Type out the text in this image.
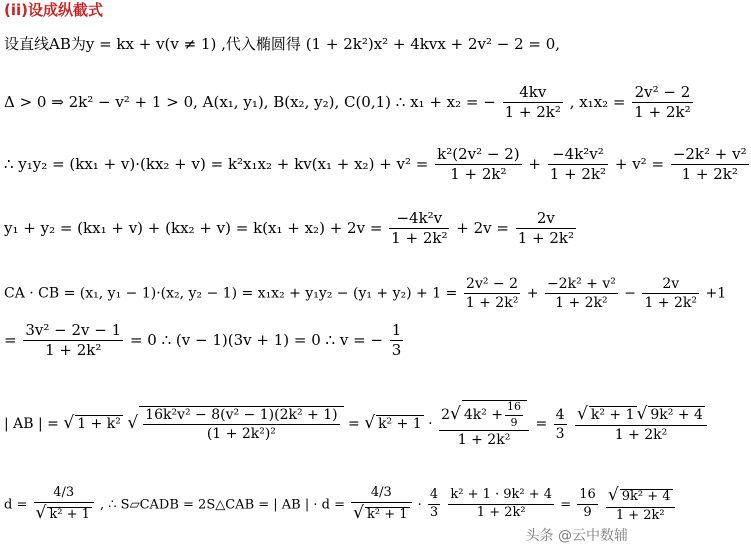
(ii)设成纵截式
设直线AB为y = kx + v(v ≠ 1) ,代入椭圆得 (1 + 2k²)x² + 4kvx + 2v² − 2 = 0,
Δ > 0 ⇒ 2k² − v² + 1 > 0, A(x₁, y₁), B(x₂, y₂), C(0,1) ∴ x₁ + x₂ = − $\frac{4kv}{\text{1 + 2k²}}$ , $x_1x_2 = \frac{\text{2v² − 2}}{\text{1 + 2k²}}$
∴ $y_1y_2 = (kx_1 + v)\cdot(kx_2 + v) = k^2x_1x_2 + kv(x_1 + x_2) + v^2 = \frac{\text{k²(2v² − 2)}}{\text{1 + 2k²}} + \frac{\text{−4k²v²}}{\text{1 + 2k²}} + v^2 = \frac{\text{−2k² + v²}}{\text{1 + 2k²}}$
$y_1 + y_2 = (kx_1 + v) + (kx_2 + v) = k(x_1 + x_2) + 2v = \frac{\text{−4k²v}}{\text{1 + 2k²}} + 2v = \frac{2v}{\text{1 + 2k²}}$
CA · CB = (x₁, y₁ − 1)·(x₂, $y_2 - 1) = x_1x_2 + y_1y_2 - (y_1 + y_2) + 1 = \frac{\text{2v² − 2}}{\text{1 + 2k²}} + \frac{\text{−2k² + v²}}{\text{1 + 2k²}} - \frac{2v}{\text{1 + 2k²}} +1$
= $\frac{\text{3v² − 2v − 1}}{\text{1 + 2k²}} = 0$ ∴ (v − 1)(3v + 1) = 0 ∴ v = − $\frac{1}{3}$
| AB | = √ 1 + k² √ $\frac{\text{16k²v² − 8(v² − 1)(2k² + 1)}}{\text{(1 + 2k²)²}}$ = √ $k^2 + 1 \cdot \frac{2√ 4k^2 + \frac{16}{9}}{\text{1 + 2k²}} = \frac{4}{3}$
$\frac{\text{√ k² + 1 √ 9k² + 4}}{\text{1 + 2k²}}$
$d = \frac{4/3}{\text{√ k² + 1}}$ , ∴ S▱CADB = 2S△CAB = | AB | · $d = \frac{4/3}{\text{√ k² + 1}} \cdot \frac{4}{3}$
$\frac{\text{k² + 1 · 9k² + 4}}{\text{1 + 2k²}} = \frac{16}{9}$
$\frac{\text{√ 9k² + 4}}{\text{1 + 2k²}}$
头条 @云中数辅
